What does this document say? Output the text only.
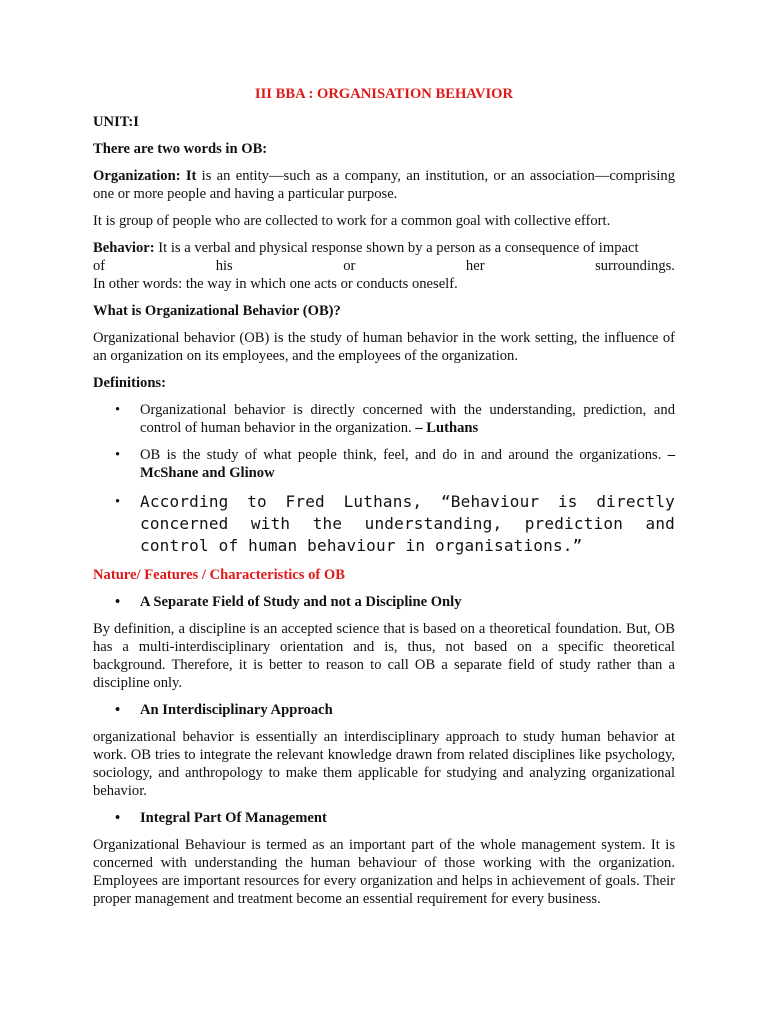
III BBA : ORGANISATION BEHAVIOR

UNIT:I

There are two words in OB:

Organization: It is an entity—such as a company, an institution, or an association—comprising one or more people and having a particular purpose.

It is group of people who are collected to work for a common goal with collective effort.

Behavior: It is a verbal and physical response shown by a person as a consequence of impact
of	his	or	her	surroundings.
In other words: the way in which one acts or conducts oneself.

What is Organizational Behavior (OB)?

Organizational behavior (OB) is the study of human behavior in the work setting, the influence of an organization on its employees, and the employees of the organization.

Definitions:

• Organizational behavior is directly concerned with the understanding, prediction, and control of human behavior in the organization. – Luthans
• OB is the study of what people think, feel, and do in and around the organizations. – McShane and Glinow
• According to Fred Luthans, “Behaviour is directly concerned with the understanding, prediction and control of human behaviour in organisations.”

Nature/ Features / Characteristics of OB

• A Separate Field of Study and not a Discipline Only

By definition, a discipline is an accepted science that is based on a theoretical foundation. But, OB has a multi-interdisciplinary orientation and is, thus, not based on a specific theoretical background. Therefore, it is better to reason to call OB a separate field of study rather than a discipline only.

• An Interdisciplinary Approach

organizational behavior is essentially an interdisciplinary approach to study human behavior at work. OB tries to integrate the relevant knowledge drawn from related disciplines like psychology, sociology, and anthropology to make them applicable for studying and analyzing organizational behavior.

• Integral Part Of Management

Organizational Behaviour is termed as an important part of the whole management system. It is concerned with understanding the human behaviour of those working with the organization. Employees are important resources for every organization and helps in achievement of goals. Their proper management and treatment become an essential requirement for every business.
